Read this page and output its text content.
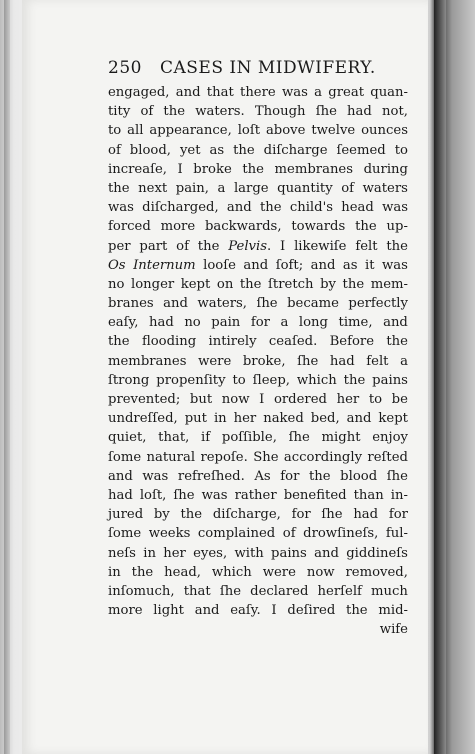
250 CASES IN MIDWIFERY.
engaged, and that there was a great quan-
tity of the waters. Though ſhe had not,
to all appearance, loſt above twelve ounces
of blood, yet as the diſcharge ſeemed to
increaſe, I broke the membranes during
the next pain, a large quantity of waters
was diſcharged, and the child's head was
forced more backwards, towards the up-
per part of the Pelvis. I likewiſe felt the
Os Internum looſe and ſoft; and as it was
no longer kept on the ſtretch by the mem-
branes and waters, ſhe became perfectly
eaſy, had no pain for a long time, and
the flooding intirely ceaſed. Before the
membranes were broke, ſhe had felt a
ſtrong propenſity to ſleep, which the pains
prevented; but now I ordered her to be
undreſſed, put in her naked bed, and kept
quiet, that, if poſſible, ſhe might enjoy
ſome natural repoſe. She accordingly reſted
and was refreſhed. As for the blood ſhe
had loſt, ſhe was rather benefited than in-
jured by the diſcharge, for ſhe had for
ſome weeks complained of drowſineſs, ful-
neſs in her eyes, with pains and giddineſs
in the head, which were now removed,
inſomuch, that ſhe declared herſelf much
more light and eaſy. I deſired the mid-
wife
